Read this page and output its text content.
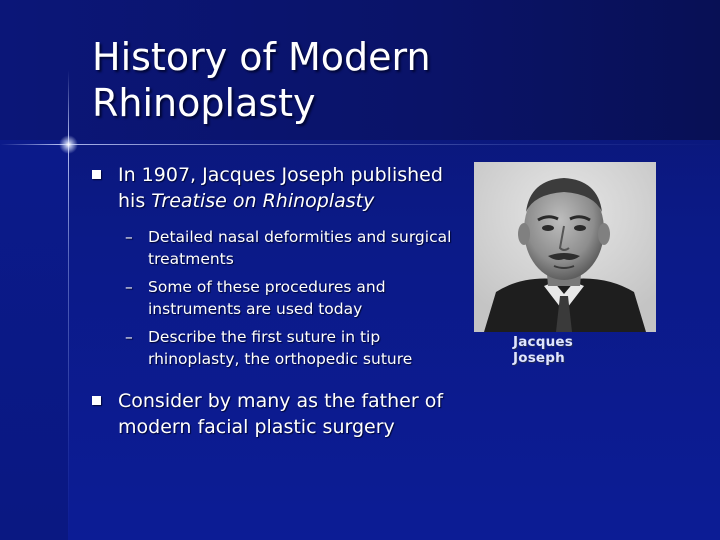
History of Modern
Rhinoplasty
In 1907, Jacques Joseph published his Treatise on Rhinoplasty
– Detailed nasal deformities and surgical treatments
– Some of these procedures and instruments are used today
– Describe the first suture in tip rhinoplasty, the orthopedic suture
Consider by many as the father of modern facial plastic surgery
Jacques Joseph
